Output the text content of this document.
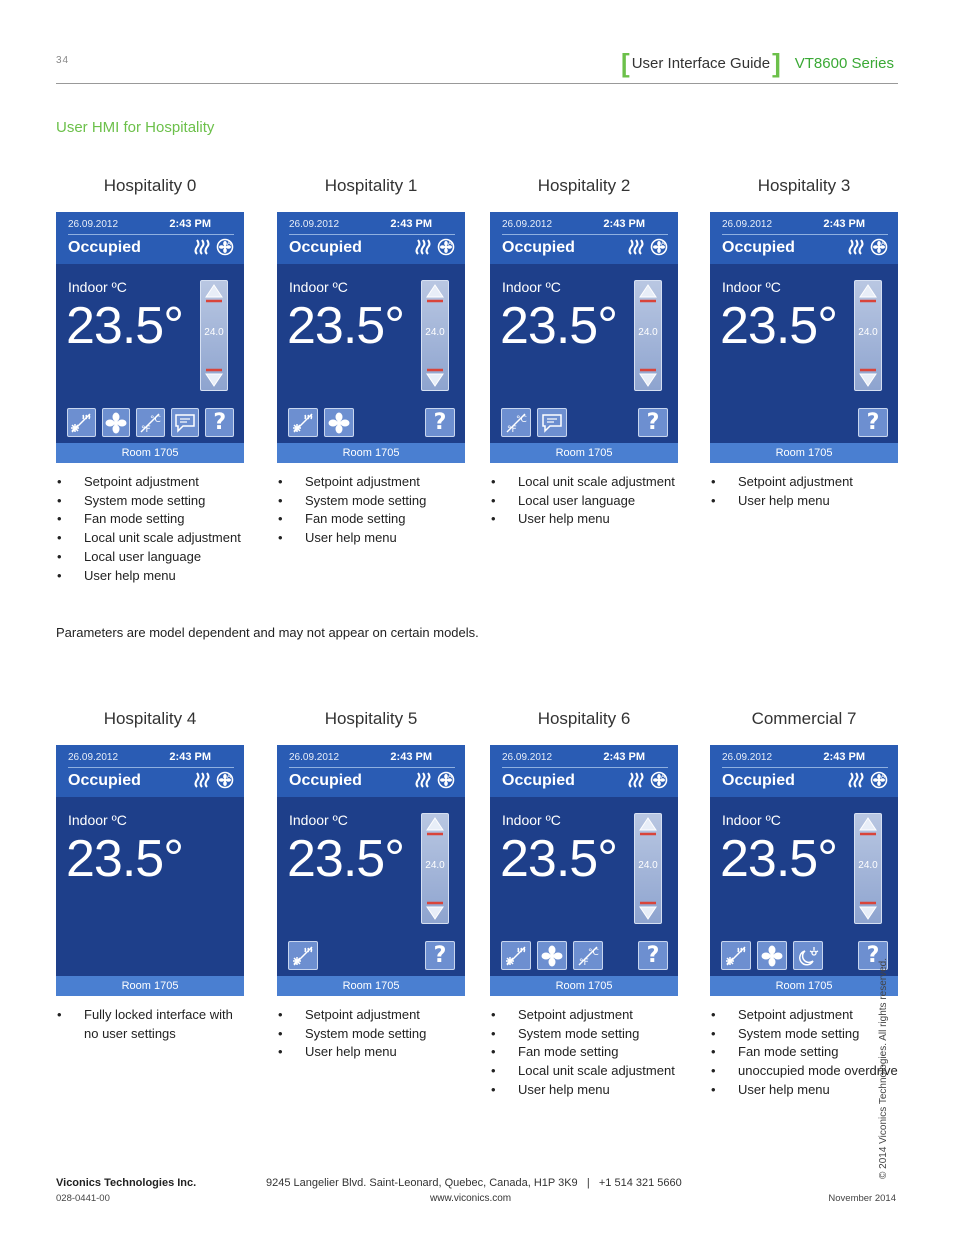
34	[ User Interface Guide ] VT8600 Series
User HMI for Hospitality
Hospitality 0
26.09.2012	2:43 PM
Occupied	A
Indoor ºC
23.5°	24.0
°C
°F	?
Room 1705
• Setpoint adjustment
• System mode setting
• Fan mode setting
• Local unit scale adjustment
• Local user language
• User help menu
Hospitality 1
26.09.2012	2:43 PM
Occupied	A
Indoor ºC
23.5°	24.0
?
Room 1705
• Setpoint adjustment
• System mode setting
• Fan mode setting
• User help menu
Hospitality 2
26.09.2012	2:43 PM
Occupied	A
Indoor ºC
23.5°	24.0
°C
°F	?
Room 1705
• Local unit scale adjustment
• Local user language
• User help menu
Hospitality 3
26.09.2012	2:43 PM
Occupied	A
Indoor ºC
23.5°	24.0
?
Room 1705
• Setpoint adjustment
• User help menu
Hospitality 4
26.09.2012	2:43 PM
Occupied	A
Indoor ºC
23.5°
Room 1705
• Fully locked interface with no user settings
Hospitality 5
26.09.2012	2:43 PM
Occupied	A
Indoor ºC
23.5°	24.0
?
Room 1705
• Setpoint adjustment
• System mode setting
• User help menu
Hospitality 6
26.09.2012	2:43 PM
Occupied	A
Indoor ºC
23.5°	24.0
°C
°F	?
Room 1705
• Setpoint adjustment
• System mode setting
• Fan mode setting
• Local unit scale adjustment
• User help menu
Commercial 7
26.09.2012	2:43 PM
Occupied	A
Indoor ºC
23.5°	24.0
?
Room 1705
• Setpoint adjustment
• System mode setting
• Fan mode setting
• unoccupied mode overdrive
• User help menu
Parameters are model dependent and may not appear on certain models.
© 2014 Viconics Technologies. All rights reserved.
Viconics Technologies Inc.
028-0441-00
9245 Langelier Blvd. Saint-Leonard, Quebec, Canada, H1P 3K9   |   +1 514 321 5660
www.viconics.com	November 2014
